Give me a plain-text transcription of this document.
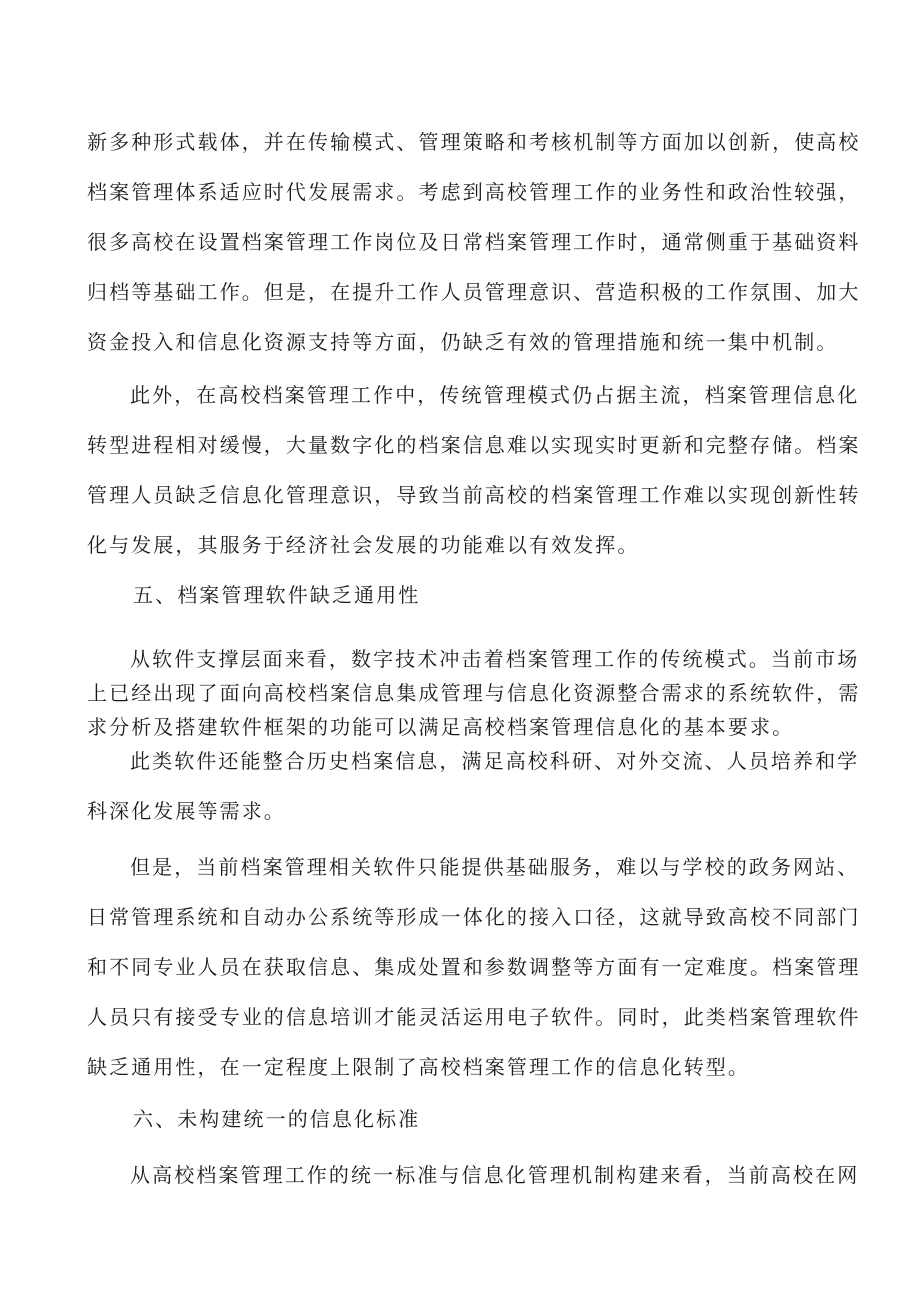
新多种形式载体，并在传输模式、管理策略和考核机制等方面加以创新，使高校
档案管理体系适应时代发展需求。考虑到高校管理工作的业务性和政治性较强，
很多高校在设置档案管理工作岗位及日常档案管理工作时，通常侧重于基础资料
归档等基础工作。但是，在提升工作人员管理意识、营造积极的工作氛围、加大
资金投入和信息化资源支持等方面，仍缺乏有效的管理措施和统一集中机制。

此外，在高校档案管理工作中，传统管理模式仍占据主流，档案管理信息化
转型进程相对缓慢，大量数字化的档案信息难以实现实时更新和完整存储。档案
管理人员缺乏信息化管理意识，导致当前高校的档案管理工作难以实现创新性转
化与发展，其服务于经济社会发展的功能难以有效发挥。

五、档案管理软件缺乏通用性

从软件支撑层面来看，数字技术冲击着档案管理工作的传统模式。当前市场
上已经出现了面向高校档案信息集成管理与信息化资源整合需求的系统软件，需
求分析及搭建软件框架的功能可以满足高校档案管理信息化的基本要求。

此类软件还能整合历史档案信息，满足高校科研、对外交流、人员培养和学
科深化发展等需求。

但是，当前档案管理相关软件只能提供基础服务，难以与学校的政务网站、
日常管理系统和自动办公系统等形成一体化的接入口径，这就导致高校不同部门
和不同专业人员在获取信息、集成处置和参数调整等方面有一定难度。档案管理
人员只有接受专业的信息培训才能灵活运用电子软件。同时，此类档案管理软件
缺乏通用性，在一定程度上限制了高校档案管理工作的信息化转型。

六、未构建统一的信息化标准

从高校档案管理工作的统一标准与信息化管理机制构建来看，当前高校在网
